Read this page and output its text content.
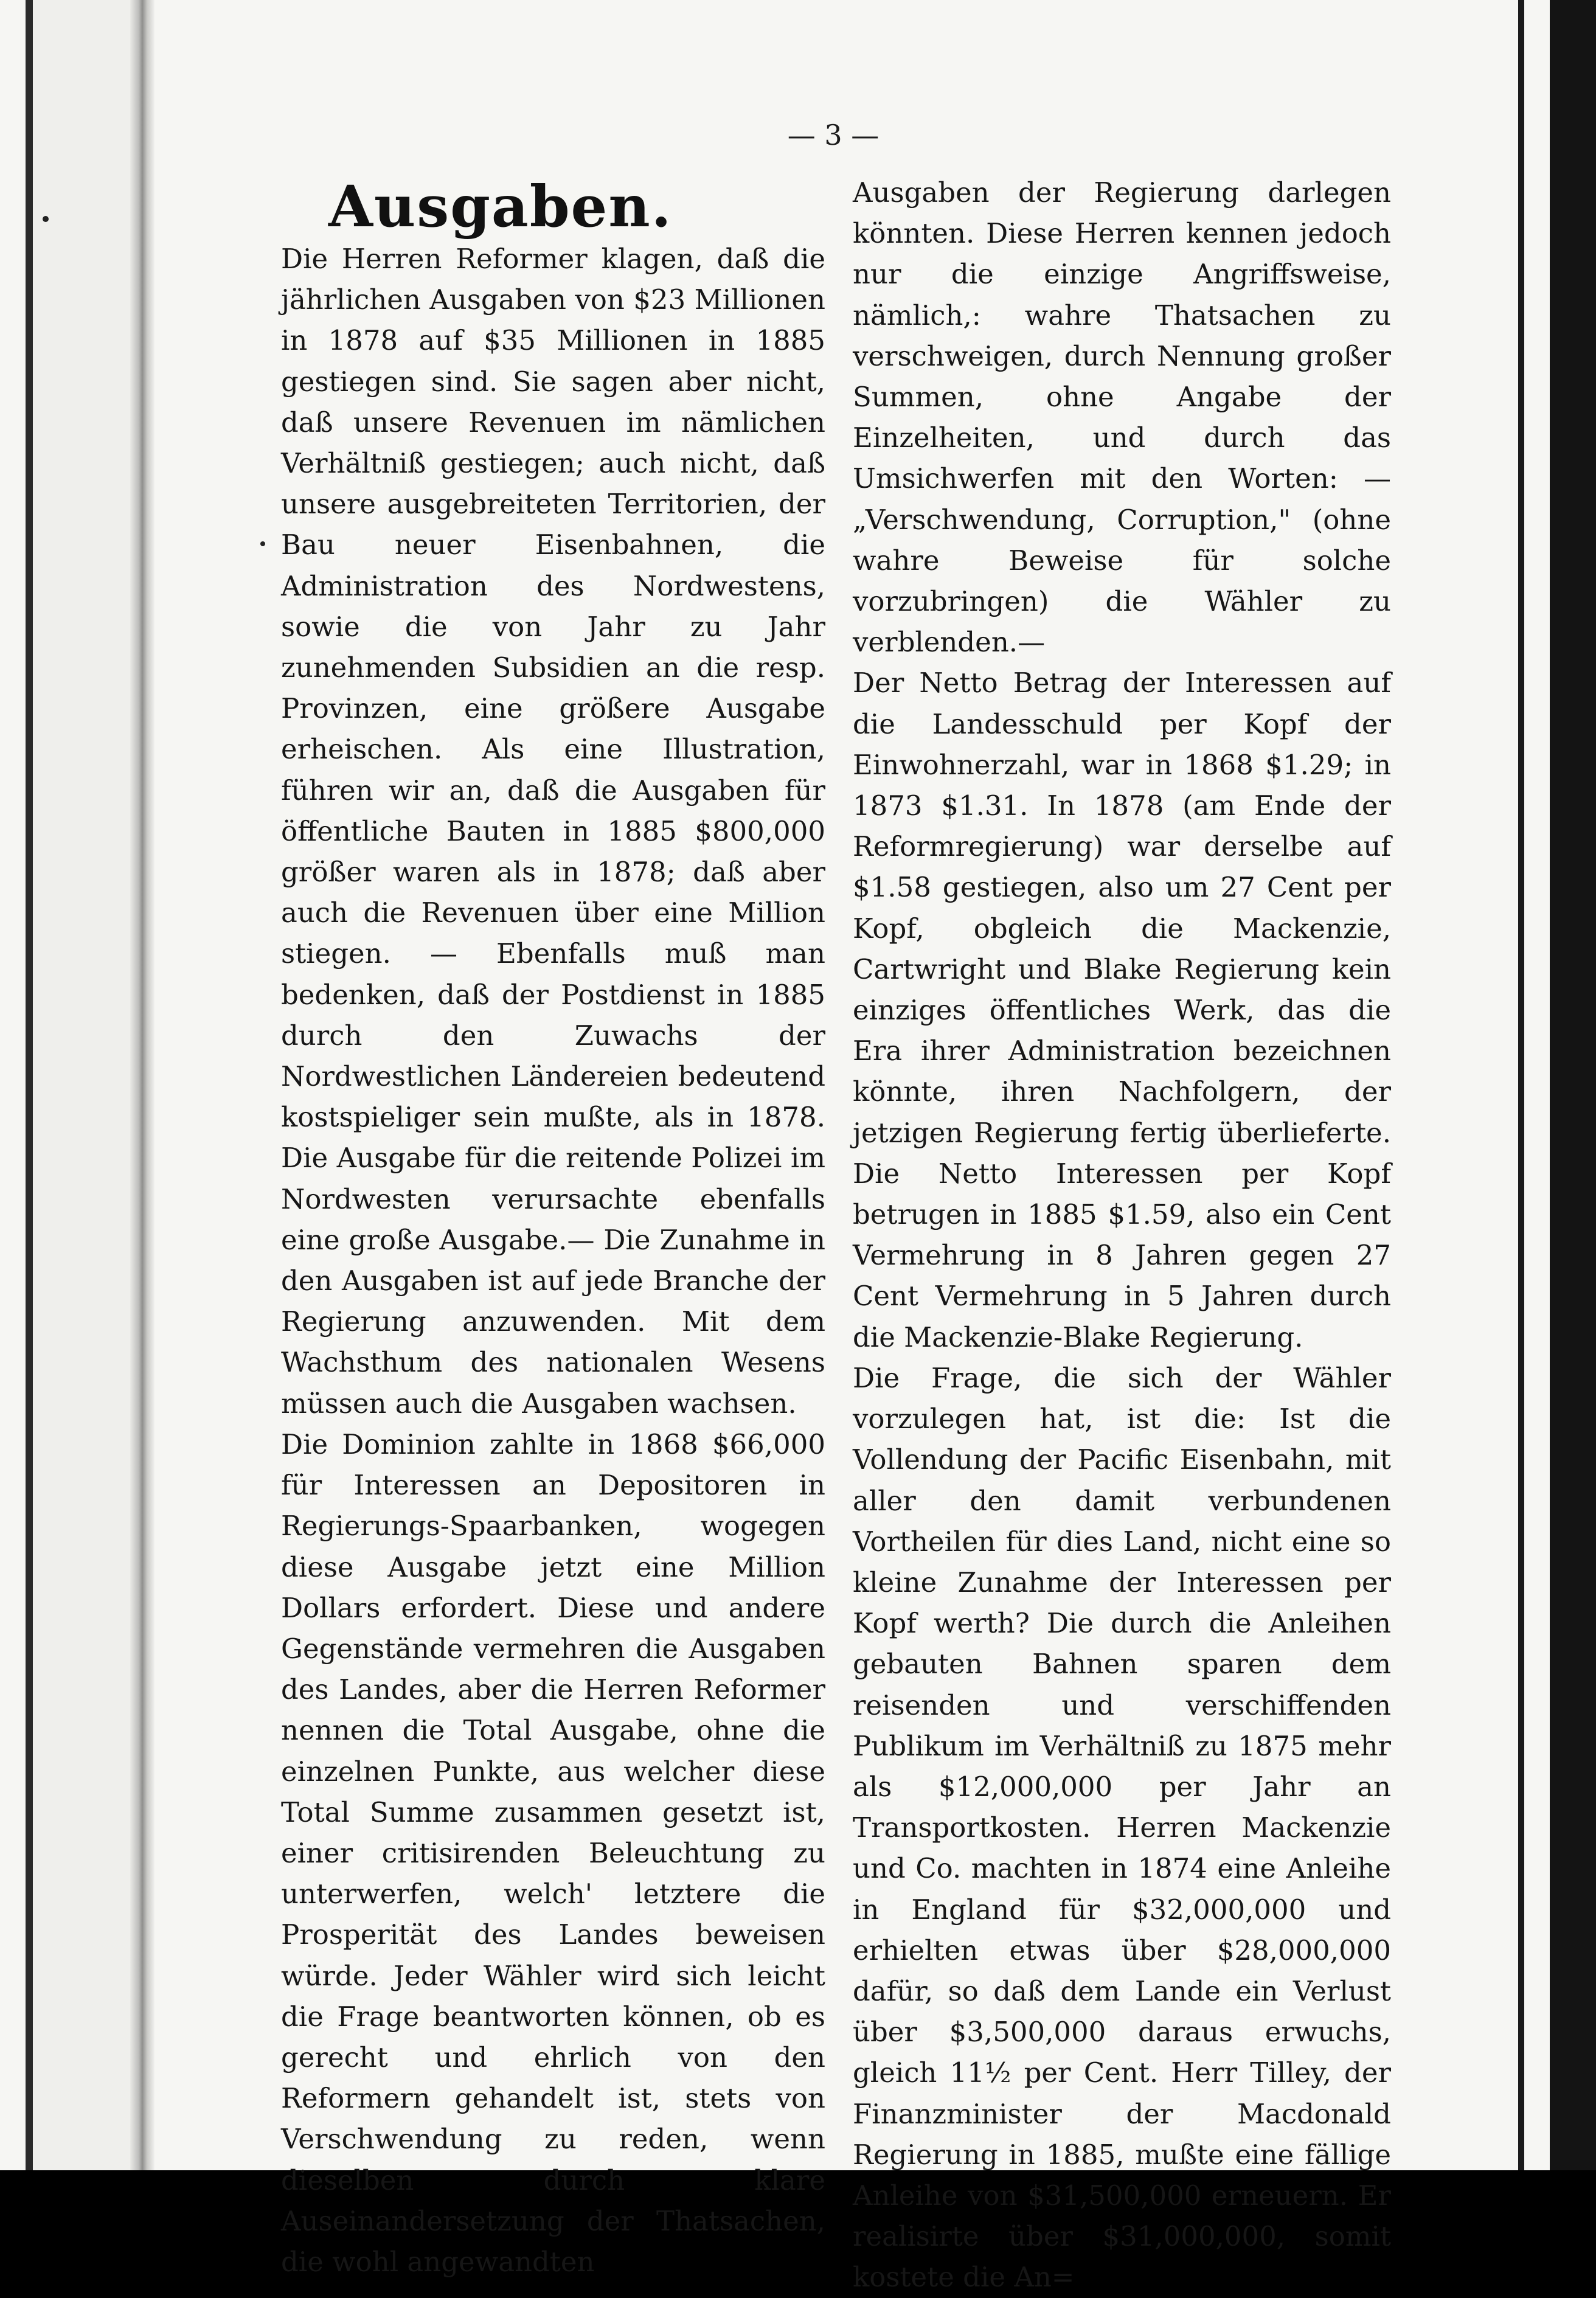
— 3 —
Ausgaben.
Die Herren Reformer klagen, daß die jährlichen Ausgaben von $23 Millionen in 1878 auf $35 Millionen in 1885 gestiegen sind. Sie sagen aber nicht, daß unsere Revenuen im nämlichen Verhältniß gestiegen; auch nicht, daß unsere ausgebreiteten Territorien, der Bau neuer Eisenbahnen, die Administration des Nordwestens, sowie die von Jahr zu Jahr zunehmenden Subsidien an die resp. Provinzen, eine größere Ausgabe erheischen. Als eine Illustration, führen wir an, daß die Ausgaben für öffentliche Bauten in 1885 $800,000 größer waren als in 1878; daß aber auch die Revenuen über eine Million stiegen. — Ebenfalls muß man bedenken, daß der Postdienst in 1885 durch den Zuwachs der Nordwestlichen Ländereien bedeutend kostspieliger sein mußte, als in 1878. Die Ausgabe für die reitende Polizei im Nordwesten verursachte ebenfalls eine große Ausgabe.— Die Zunahme in den Ausgaben ist auf jede Branche der Regierung anzuwenden. Mit dem Wachsthum des nationalen Wesens müssen auch die Ausgaben wachsen.
Die Dominion zahlte in 1868 $66,000 für Interessen an Depositoren in Regierungs-Spaarbanken, wogegen diese Ausgabe jetzt eine Million Dollars erfordert. Diese und andere Gegenstände vermehren die Ausgaben des Landes, aber die Herren Reformer nennen die Total Ausgabe, ohne die einzelnen Punkte, aus welcher diese Total Summe zusammen gesetzt ist, einer critisirenden Beleuchtung zu unterwerfen, welch' letztere die Prosperität des Landes beweisen würde. Jeder Wähler wird sich leicht die Frage beantworten können, ob es gerecht und ehrlich von den Reformern gehandelt ist, stets von Verschwendung zu reden, wenn dieselben durch klare Auseinandersetzung der Thatsachen, die wohl angewandten
Ausgaben der Regierung darlegen könnten. Diese Herren kennen jedoch nur die einzige Angriffsweise, nämlich,: wahre Thatsachen zu verschweigen, durch Nennung großer Summen, ohne Angabe der Einzelheiten, und durch das Umsichwerfen mit den Worten: — „Verschwendung, Corruption," (ohne wahre Beweise für solche vorzubringen) die Wähler zu verblenden.—
Der Netto Betrag der Interessen auf die Landesschuld per Kopf der Einwohnerzahl, war in 1868 $1.29; in 1873 $1.31. In 1878 (am Ende der Reformregierung) war derselbe auf $1.58 gestiegen, also um 27 Cent per Kopf, obgleich die Mackenzie, Cartwright und Blake Regierung kein einziges öffentliches Werk, das die Era ihrer Administration bezeichnen könnte, ihren Nachfolgern, der jetzigen Regierung fertig überlieferte. Die Netto Interessen per Kopf betrugen in 1885 $1.59, also ein Cent Vermehrung in 8 Jahren gegen 27 Cent Vermehrung in 5 Jahren durch die Mackenzie-Blake Regierung.
Die Frage, die sich der Wähler vorzulegen hat, ist die: Ist die Vollendung der Pacific Eisenbahn, mit aller den damit verbundenen Vortheilen für dies Land, nicht eine so kleine Zunahme der Interessen per Kopf werth? Die durch die Anleihen gebauten Bahnen sparen dem reisenden und verschiffenden Publikum im Verhältniß zu 1875 mehr als $12,000,000 per Jahr an Transportkosten. Herren Mackenzie und Co. machten in 1874 eine Anleihe in England für $32,000,000 und erhielten etwas über $28,000,000 dafür, so daß dem Lande ein Verlust über $3,500,000 daraus erwuchs, gleich 11½ per Cent. Herr Tilley, der Finanzminister der Macdonald Regierung in 1885, mußte eine fällige Anleihe von $31,500,000 erneuern. Er realisirte über $31,000,000, somit kostete die An=
